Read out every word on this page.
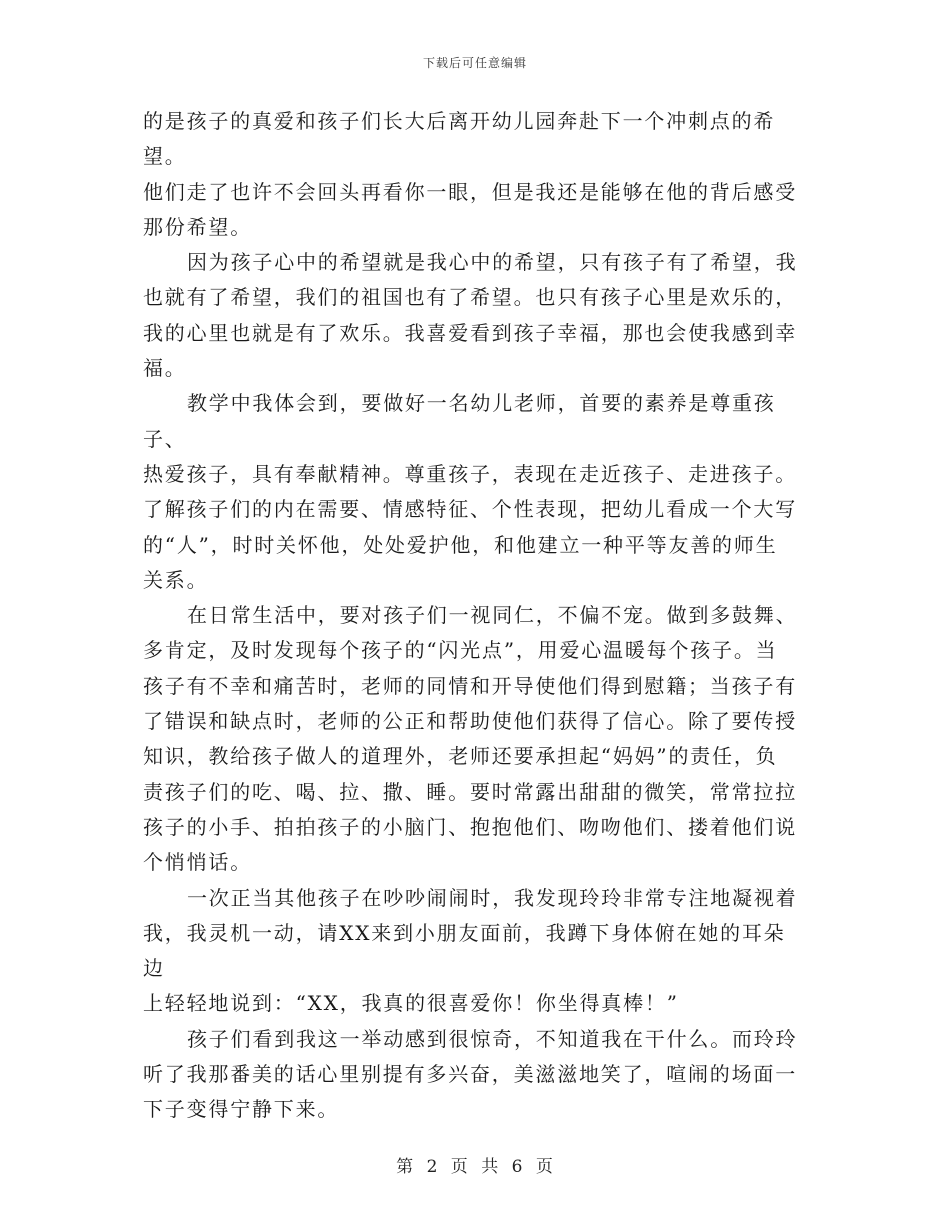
下载后可任意编辑

的是孩子的真爱和孩子们长大后离开幼儿园奔赴下一个冲刺点的希望。
他们走了也许不会回头再看你一眼，但是我还是能够在他的背后感受
那份希望。

因为孩子心中的希望就是我心中的希望，只有孩子有了希望，我
也就有了希望，我们的祖国也有了希望。也只有孩子心里是欢乐的，
我的心里也就是有了欢乐。我喜爱看到孩子幸福，那也会使我感到幸
福。

教学中我体会到，要做好一名幼儿老师，首要的素养是尊重孩子、
热爱孩子，具有奉献精神。尊重孩子，表现在走近孩子、走进孩子。
了解孩子们的内在需要、情感特征、个性表现，把幼儿看成一个大写
的“人”，时时关怀他，处处爱护他，和他建立一种平等友善的师生
关系。

在日常生活中，要对孩子们一视同仁，不偏不宠。做到多鼓舞、
多肯定，及时发现每个孩子的“闪光点”，用爱心温暖每个孩子。当
孩子有不幸和痛苦时，老师的同情和开导使他们得到慰籍；当孩子有
了错误和缺点时，老师的公正和帮助使他们获得了信心。除了要传授
知识，教给孩子做人的道理外，老师还要承担起“妈妈”的责任，负
责孩子们的吃、喝、拉、撒、睡。要时常露出甜甜的微笑，常常拉拉
孩子的小手、拍拍孩子的小脑门、抱抱他们、吻吻他们、搂着他们说
个悄悄话。

一次正当其他孩子在吵吵闹闹时，我发现玲玲非常专注地凝视着
我，我灵机一动，请XX来到小朋友面前，我蹲下身体俯在她的耳朵边
上轻轻地说到：“XX，我真的很喜爱你！你坐得真棒！”

孩子们看到我这一举动感到很惊奇，不知道我在干什么。而玲玲
听了我那番美的话心里别提有多兴奋，美滋滋地笑了，喧闹的场面一
下子变得宁静下来。

第 2 页 共 6 页
